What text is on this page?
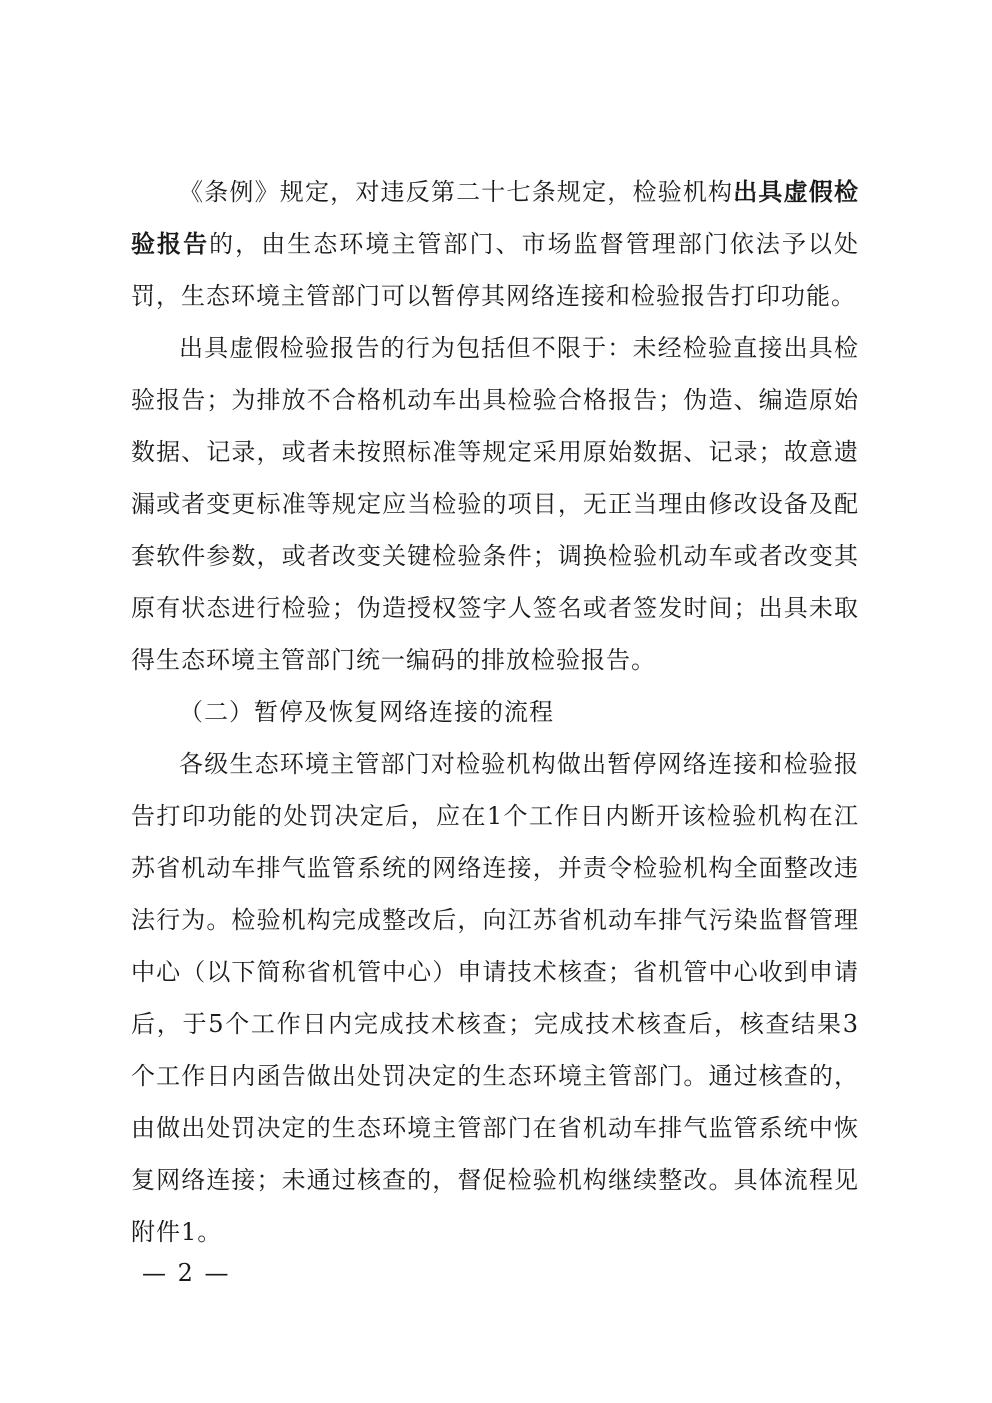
《条例》规定，对违反第二十七条规定，检验机构出具虚假检验报告的，由生态环境主管部门、市场监督管理部门依法予以处罚，生态环境主管部门可以暂停其网络连接和检验报告打印功能。

出具虚假检验报告的行为包括但不限于：未经检验直接出具检验报告；为排放不合格机动车出具检验合格报告；伪造、编造原始数据、记录，或者未按照标准等规定采用原始数据、记录；故意遗漏或者变更标准等规定应当检验的项目，无正当理由修改设备及配套软件参数，或者改变关键检验条件；调换检验机动车或者改变其原有状态进行检验；伪造授权签字人签名或者签发时间；出具未取得生态环境主管部门统一编码的排放检验报告。

（二）暂停及恢复网络连接的流程

各级生态环境主管部门对检验机构做出暂停网络连接和检验报告打印功能的处罚决定后，应在1个工作日内断开该检验机构在江苏省机动车排气监管系统的网络连接，并责令检验机构全面整改违法行为。检验机构完成整改后，向江苏省机动车排气污染监督管理中心（以下简称省机管中心）申请技术核查；省机管中心收到申请后，于5个工作日内完成技术核查；完成技术核查后，核查结果3个工作日内函告做出处罚决定的生态环境主管部门。通过核查的，由做出处罚决定的生态环境主管部门在省机动车排气监管系统中恢复网络连接；未通过核查的，督促检验机构继续整改。具体流程见附件1。

— 2 —
